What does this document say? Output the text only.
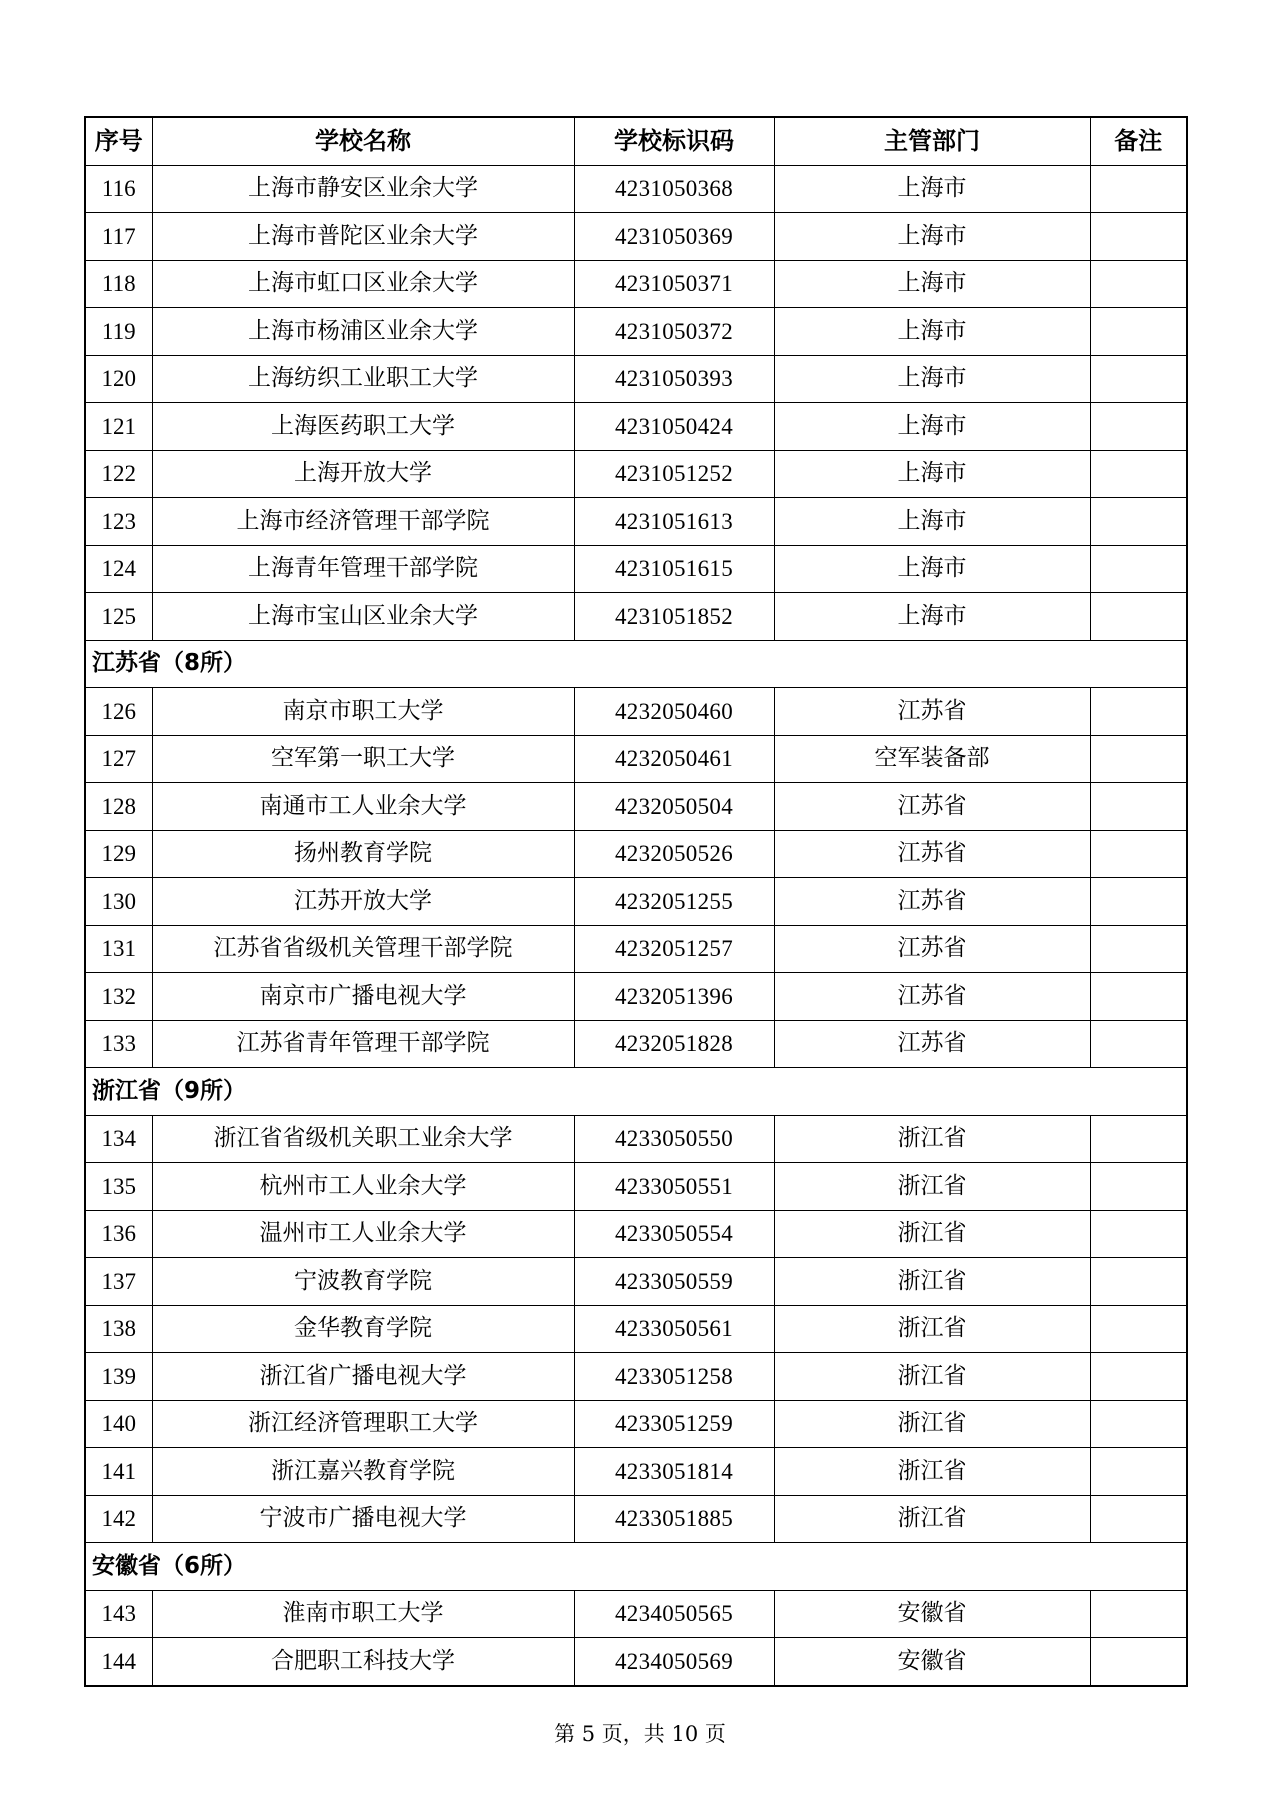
序号	学校名称	学校标识码	主管部门	备注
116	上海市静安区业余大学	4231050368	上海市	
117	上海市普陀区业余大学	4231050369	上海市	
118	上海市虹口区业余大学	4231050371	上海市	
119	上海市杨浦区业余大学	4231050372	上海市	
120	上海纺织工业职工大学	4231050393	上海市	
121	上海医药职工大学	4231050424	上海市	
122	上海开放大学	4231051252	上海市	
123	上海市经济管理干部学院	4231051613	上海市	
124	上海青年管理干部学院	4231051615	上海市	
125	上海市宝山区业余大学	4231051852	上海市	
江苏省（8所）				
126	南京市职工大学	4232050460	江苏省	
127	空军第一职工大学	4232050461	空军装备部	
128	南通市工人业余大学	4232050504	江苏省	
129	扬州教育学院	4232050526	江苏省	
130	江苏开放大学	4232051255	江苏省	
131	江苏省省级机关管理干部学院	4232051257	江苏省	
132	南京市广播电视大学	4232051396	江苏省	
133	江苏省青年管理干部学院	4232051828	江苏省	
浙江省（9所）				
134	浙江省省级机关职工业余大学	4233050550	浙江省	
135	杭州市工人业余大学	4233050551	浙江省	
136	温州市工人业余大学	4233050554	浙江省	
137	宁波教育学院	4233050559	浙江省	
138	金华教育学院	4233050561	浙江省	
139	浙江省广播电视大学	4233051258	浙江省	
140	浙江经济管理职工大学	4233051259	浙江省	
141	浙江嘉兴教育学院	4233051814	浙江省	
142	宁波市广播电视大学	4233051885	浙江省	
安徽省（6所）				
143	淮南市职工大学	4234050565	安徽省	
144	合肥职工科技大学	4234050569	安徽省	
第 5 页，共 10 页
